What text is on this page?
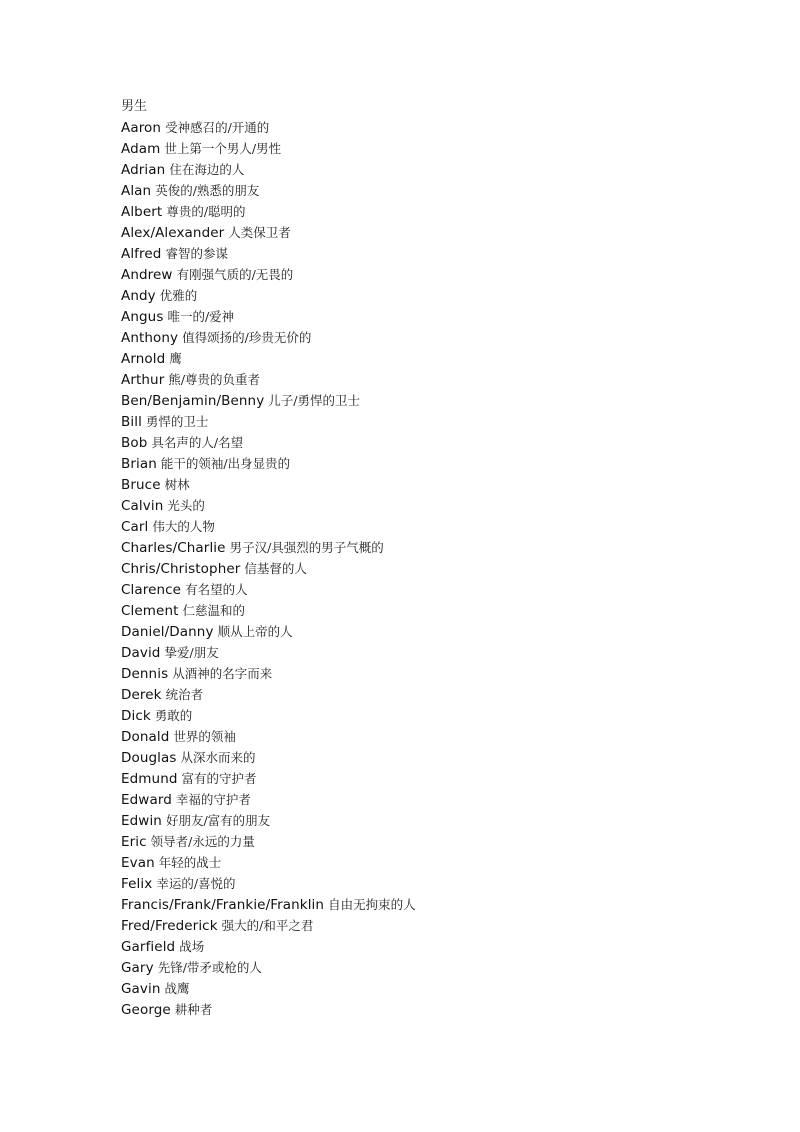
男生
Aaron 受神感召的/开通的
Adam 世上第一个男人/男性
Adrian 住在海边的人
Alan 英俊的/熟悉的朋友
Albert 尊贵的/聪明的
Alex/Alexander 人类保卫者
Alfred 睿智的参谋
Andrew 有刚强气质的/无畏的
Andy 优雅的
Angus 唯一的/爱神
Anthony 值得颂扬的/珍贵无价的
Arnold 鹰
Arthur 熊/尊贵的负重者
Ben/Benjamin/Benny 儿子/勇悍的卫士
Bill 勇悍的卫士
Bob 具名声的人/名望
Brian 能干的领袖/出身显贵的
Bruce 树林
Calvin 光头的
Carl 伟大的人物
Charles/Charlie 男子汉/具强烈的男子气概的
Chris/Christopher 信基督的人
Clarence 有名望的人
Clement 仁慈温和的
Daniel/Danny 顺从上帝的人
David 挚爱/朋友
Dennis 从酒神的名字而来
Derek 统治者
Dick 勇敢的
Donald 世界的领袖
Douglas 从深水而来的
Edmund 富有的守护者
Edward 幸福的守护者
Edwin 好朋友/富有的朋友
Eric 领导者/永远的力量
Evan 年轻的战士
Felix 幸运的/喜悦的
Francis/Frank/Frankie/Franklin 自由无拘束的人
Fred/Frederick 强大的/和平之君
Garfield 战场
Gary 先锋/带矛或枪的人
Gavin 战鹰
George 耕种者
